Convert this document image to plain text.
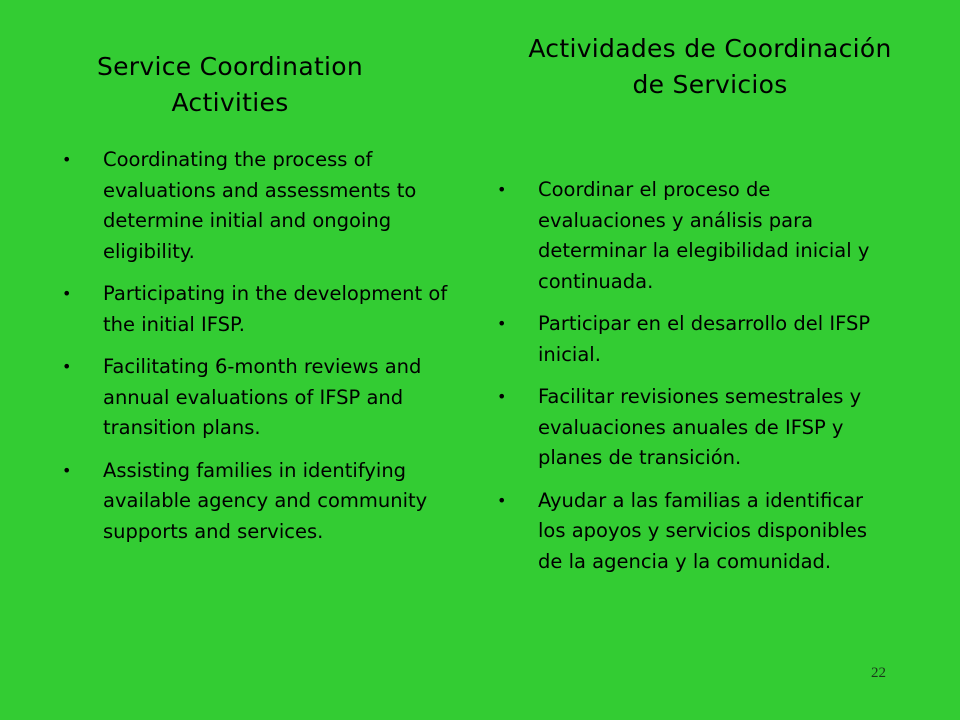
Service Coordination Activities
Actividades de Coordinación de Servicios
• Coordinating the process of evaluations and assessments to determine initial and ongoing eligibility.
• Participating in the development of the initial IFSP.
• Facilitating 6-month reviews and annual evaluations of IFSP and transition plans.
• Assisting families in identifying available agency and community supports and services.
• Coordinar el proceso de evaluaciones y análisis para determinar la elegibilidad inicial y continuada.
• Participar en el desarrollo del IFSP inicial.
• Facilitar revisiones semestrales y evaluaciones anuales de IFSP y planes de transición.
• Ayudar a las familias a identificar los apoyos y servicios disponibles de la agencia y la comunidad.
22
